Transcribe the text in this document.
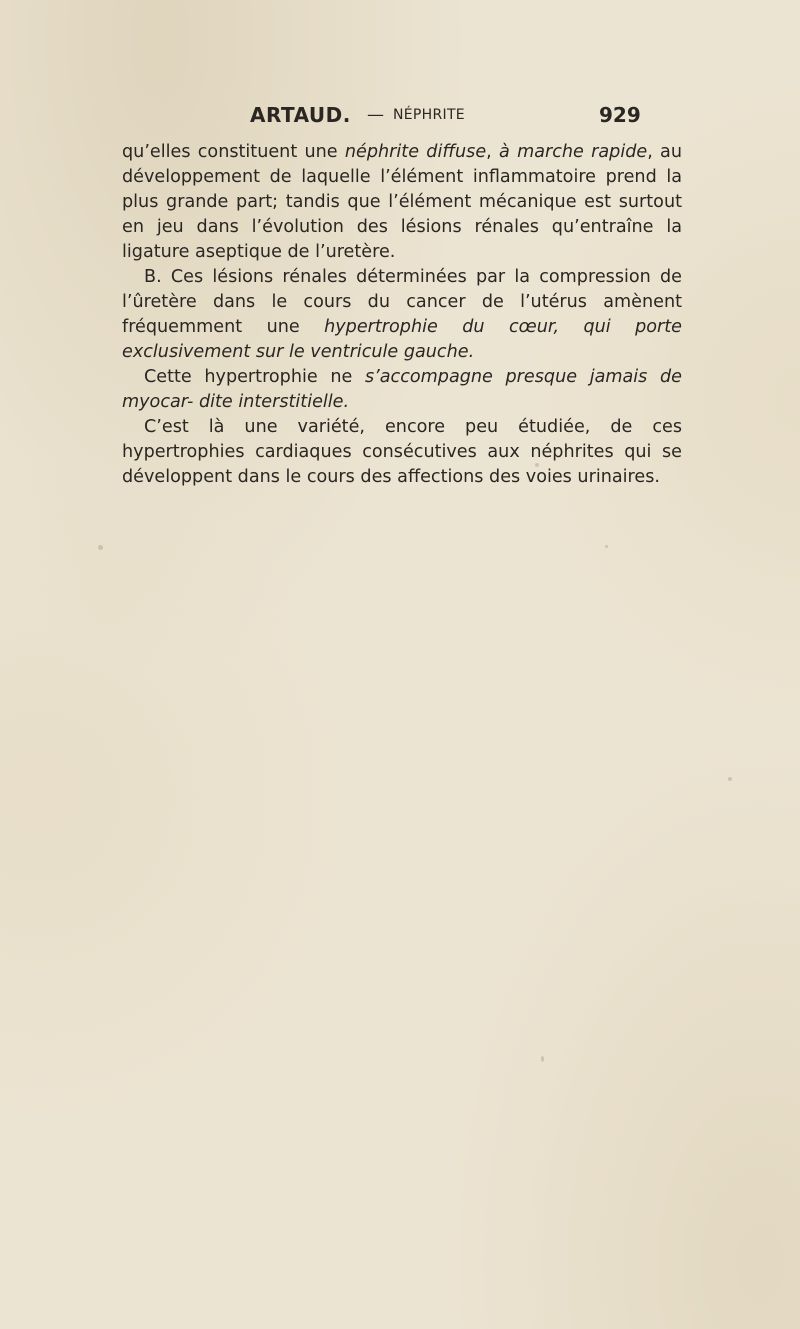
ARTAUD. — NÉPHRITE	929

qu’elles constituent une néphrite diffuse, à marche rapide, au développement de laquelle l’élément inflammatoire prend la plus grande part; tandis que l’élément mécanique est surtout en jeu dans l’évolution des lésions rénales qu’entraîne la ligature aseptique de l’uretère.

B. Ces lésions rénales déterminées par la compression de l’ûretère dans le cours du cancer de l’utérus amènent fréquemment une hypertrophie du cœur, qui porte exclusivement sur le ventricule gauche.

Cette hypertrophie ne s’accompagne presque jamais de myocar- dite interstitielle.

C’est là une variété, encore peu étudiée, de ces hypertrophies cardiaques consécutives aux néphrites qui se développent dans le cours des affections des voies urinaires.
